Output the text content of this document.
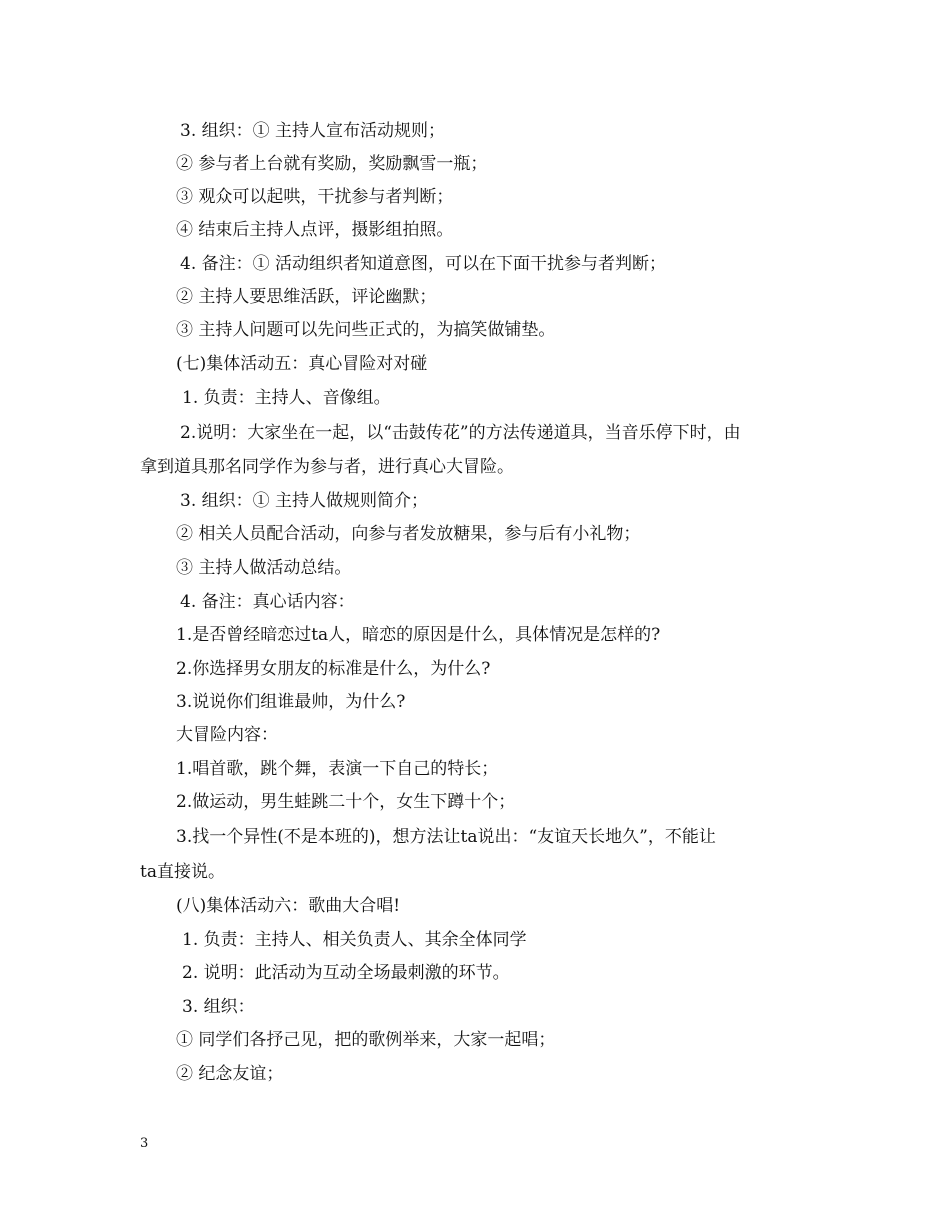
3. 组织：① 主持人宣布活动规则；
② 参与者上台就有奖励，奖励飘雪一瓶；
③ 观众可以起哄，干扰参与者判断；
④ 结束后主持人点评，摄影组拍照。
4. 备注：① 活动组织者知道意图，可以在下面干扰参与者判断；
② 主持人要思维活跃，评论幽默；
③ 主持人问题可以先问些正式的，为搞笑做铺垫。
(七)集体活动五：真心冒险对对碰
1. 负责：主持人、音像组。
2.说明：大家坐在一起，以“击鼓传花”的方法传递道具，当音乐停下时，由
拿到道具那名同学作为参与者，进行真心大冒险。
3. 组织：① 主持人做规则简介；
② 相关人员配合活动，向参与者发放糖果，参与后有小礼物；
③ 主持人做活动总结。
4. 备注：真心话内容：
1.是否曾经暗恋过ta人，暗恋的原因是什么，具体情况是怎样的?
2.你选择男女朋友的标准是什么，为什么?
3.说说你们组谁最帅，为什么?
大冒险内容：
1.唱首歌，跳个舞，表演一下自己的特长；
2.做运动，男生蛙跳二十个，女生下蹲十个；
3.找一个异性(不是本班的)，想方法让ta说出：“友谊天长地久”，不能让
ta直接说。
(八)集体活动六：歌曲大合唱!
1. 负责：主持人、相关负责人、其余全体同学
2. 说明：此活动为互动全场最刺激的环节。
3. 组织：
① 同学们各抒己见，把的歌例举来，大家一起唱；
② 纪念友谊；
3
